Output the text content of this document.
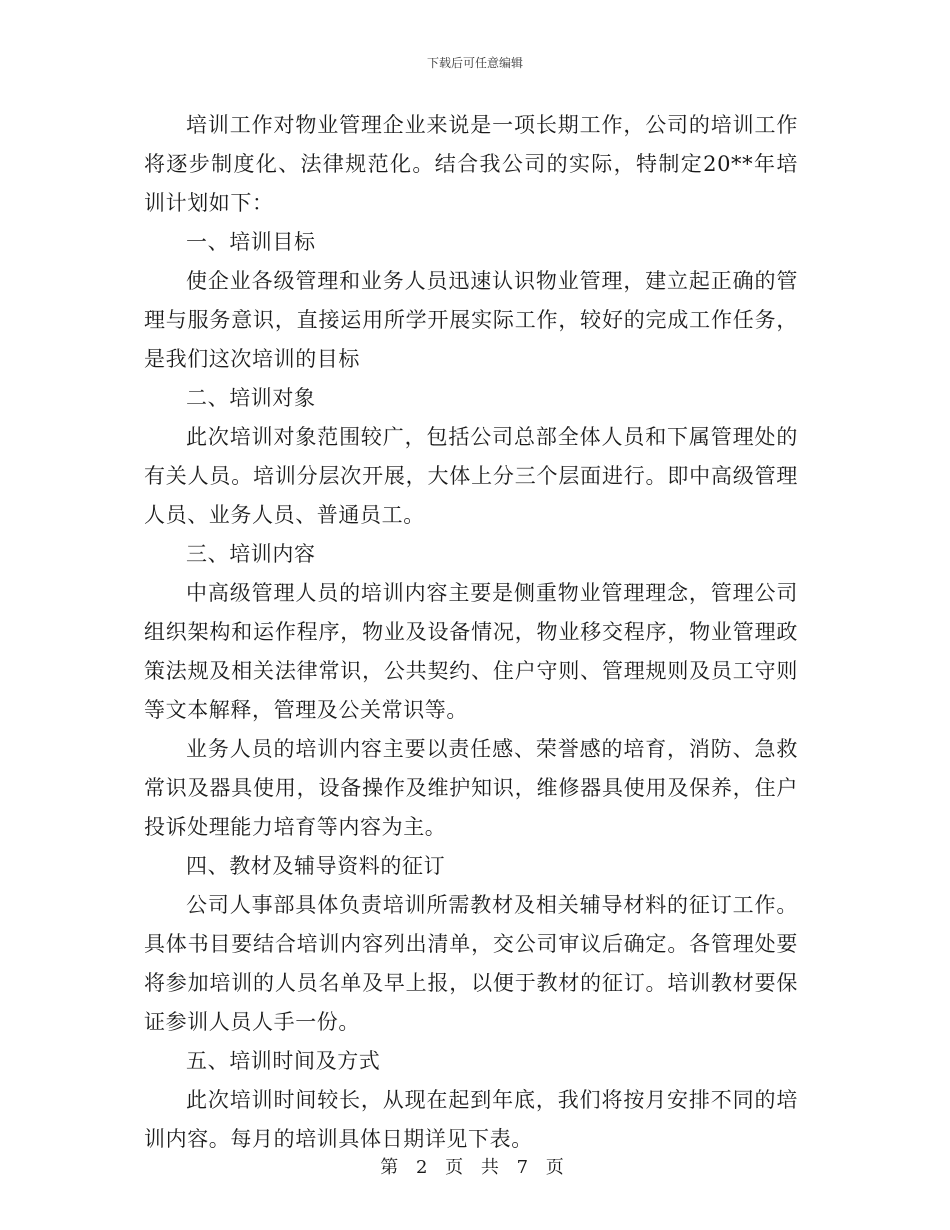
下载后可任意编辑

培训工作对物业管理企业来说是一项长期工作，公司的培训工作将逐步制度化、法律规范化。结合我公司的实际，特制定20**年培训计划如下：

一、培训目标

使企业各级管理和业务人员迅速认识物业管理，建立起正确的管理与服务意识，直接运用所学开展实际工作，较好的完成工作任务，是我们这次培训的目标

二、培训对象

此次培训对象范围较广，包括公司总部全体人员和下属管理处的有关人员。培训分层次开展，大体上分三个层面进行。即中高级管理人员、业务人员、普通员工。

三、培训内容

中高级管理人员的培训内容主要是侧重物业管理理念，管理公司组织架构和运作程序，物业及设备情况，物业移交程序，物业管理政策法规及相关法律常识，公共契约、住户守则、管理规则及员工守则等文本解释，管理及公关常识等。

业务人员的培训内容主要以责任感、荣誉感的培育，消防、急救常识及器具使用，设备操作及维护知识，维修器具使用及保养，住户投诉处理能力培育等内容为主。

四、教材及辅导资料的征订

公司人事部具体负责培训所需教材及相关辅导材料的征订工作。具体书目要结合培训内容列出清单，交公司审议后确定。各管理处要将参加培训的人员名单及早上报，以便于教材的征订。培训教材要保证参训人员人手一份。

五、培训时间及方式

此次培训时间较长，从现在起到年底，我们将按月安排不同的培训内容。每月的培训具体日期详见下表。

第 2 页 共 7 页
